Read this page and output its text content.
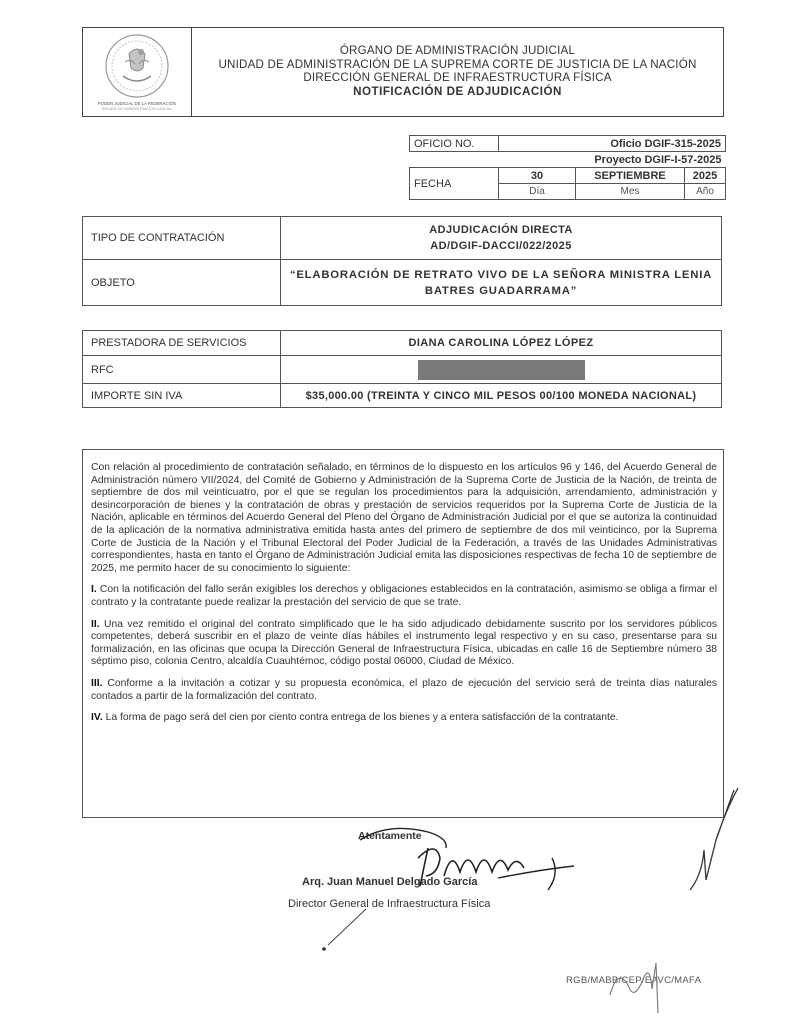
PODER JUDICIAL DE LA FEDERACIÓN
ÓRGANO DE ADMINISTRACIÓN JUDICIAL
ÓRGANO DE ADMINISTRACIÓN JUDICIAL
UNIDAD DE ADMINISTRACIÓN DE LA SUPREMA CORTE DE JUSTICIA DE LA NACIÓN
DIRECCIÓN GENERAL DE INFRAESTRUCTURA FÍSICA
NOTIFICACIÓN DE ADJUDICACIÓN
OFICIO NO.	Oficio DGIF-315-2025		
	Proyecto DGIF-I-57-2025		
FECHA	30	SEPTIEMBRE	2025
	Día	Mes	Año
TIPO DE CONTRATACIÓN	ADJUDICACIÓN DIRECTA
AD/DGIF-DACCI/022/2025

OBJETO	“ELABORACIÓN DE RETRATO VIVO DE LA SEÑORA MINISTRA LENIA
BATRES GUADARRAMA”
PRESTADORA DE SERVICIOS	DIANA CAROLINA LÓPEZ LÓPEZ
RFC	
IMPORTE SIN IVA	$35,000.00 (TREINTA Y CINCO MIL PESOS 00/100 MONEDA NACIONAL)

Con relación al procedimiento de contratación señalado, en términos de lo dispuesto en los artículos 96 y 146, del Acuerdo General de Administración número VII/2024, del Comité de Gobierno y Administración de la Suprema Corte de Justicia de la Nación, de treinta de septiembre de dos mil veinticuatro, por el que se regulan los procedimientos para la adquisición, arrendamiento, administración y desincorporación de bienes y la contratación de obras y prestación de servicios requeridos por la Suprema Corte de Justicia de la Nación, aplicable en términos del Acuerdo General del Pleno del Órgano de Administración Judicial por el que se autoriza la continuidad de la aplicación de la normativa administrativa emitida hasta antes del primero de septiembre de dos mil veinticinco, por la Suprema Corte de Justicia de la Nación y el Tribunal Electoral del Poder Judicial de la Federación, a través de las Unidades Administrativas correspondientes, hasta en tanto el Órgano de Administración Judicial emita las disposiciones respectivas de fecha 10 de septiembre de 2025, me permito hacer de su conocimiento lo siguiente:

I. Con la notificación del fallo serán exigibles los derechos y obligaciones establecidos en la contratación, asimismo se obliga a firmar el contrato y la contratante puede realizar la prestación del servicio de que se trate.

II. Una vez remitido el original del contrato simplificado que le ha sido adjudicado debidamente suscrito por los servidores públicos competentes, deberá suscribir en el plazo de veinte días hábiles el instrumento legal respectivo y en su caso, presentarse para su formalización, en las oficinas que ocupa la Dirección General de Infraestructura Física, ubicadas en calle 16 de Septiembre número 38 séptimo piso, colonia Centro, alcaldía Cuauhtémoc, código postal 06000, Ciudad de México.

III. Conforme a la invitación a cotizar y su propuesta económica, el plazo de ejecución del servicio será de treinta días naturales contados a partir de la formalización del contrato.

IV. La forma de pago será del cien por ciento contra entrega de los bienes y a entera satisfacción de la contratante.

Atentamente
Arq. Juan Manuel Delgado García
Director General de Infraestructura Física
RGB/MABB/CEP/EAVC/MAFA
